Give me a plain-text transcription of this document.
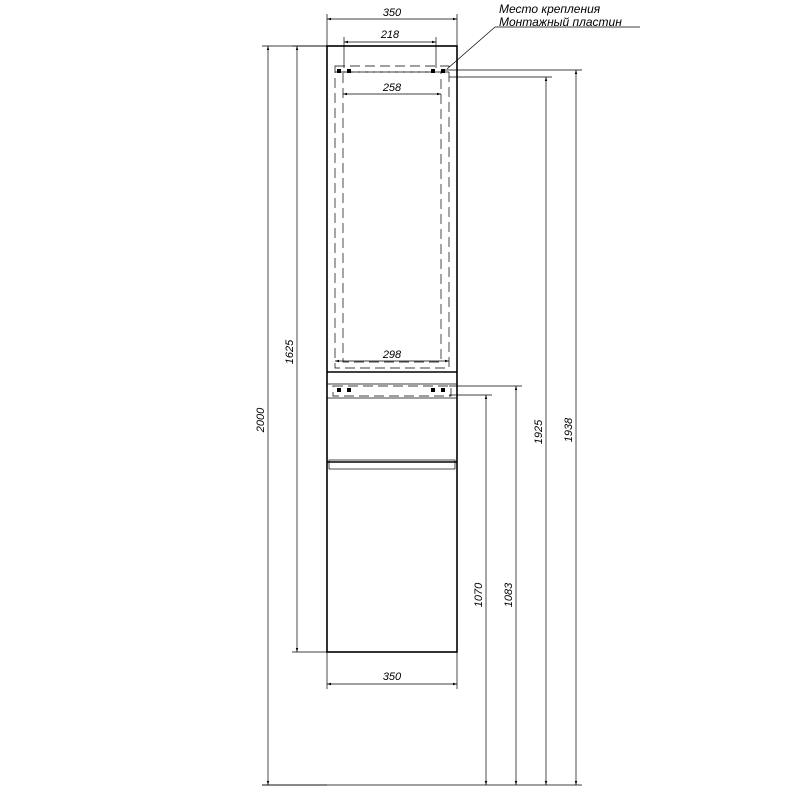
350
218
258
298
350
2000
1625
1938
1925
1083
1070
Место крепления
Монтажный пластин
